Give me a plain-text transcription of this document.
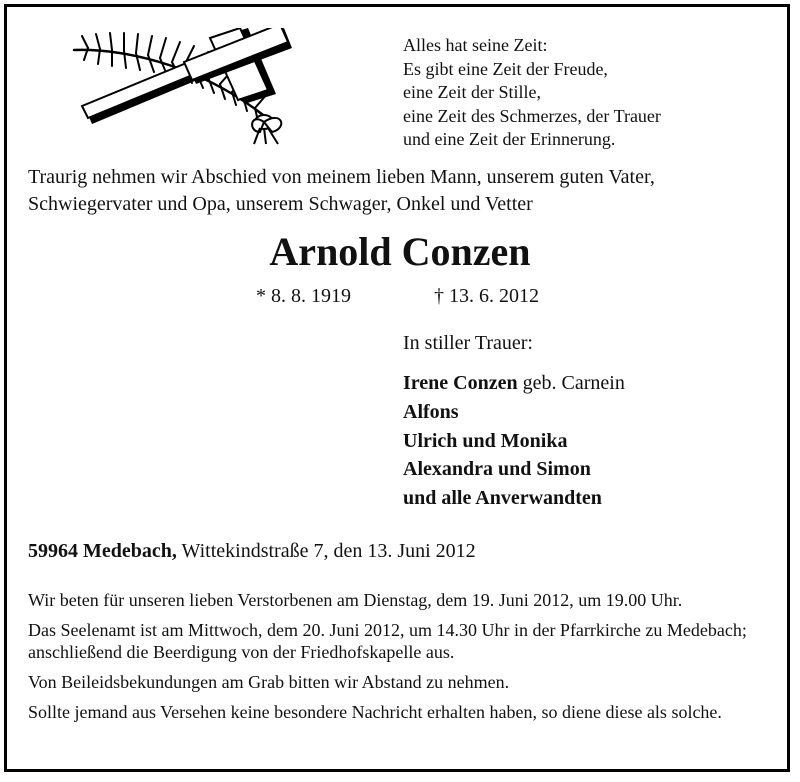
Alles hat seine Zeit:
Es gibt eine Zeit der Freude,
eine Zeit der Stille,
eine Zeit des Schmerzes, der Trauer
und eine Zeit der Erinnerung.
Traurig nehmen wir Abschied von meinem lieben Mann, unserem guten Vater,
Schwiegervater und Opa, unserem Schwager, Onkel und Vetter
Arnold Conzen
* 8. 8. 1919	† 13. 6. 2012
In stiller Trauer:
Irene Conzen geb. Carnein
Alfons
Ulrich und Monika
Alexandra und Simon
und alle Anverwandten
59964 Medebach, Wittekindstraße 7, den 13. Juni 2012

Wir beten für unseren lieben Verstorbenen am Dienstag, dem 19. Juni 2012, um 19.00 Uhr.

Das Seelenamt ist am Mittwoch, dem 20. Juni 2012, um 14.30 Uhr in der Pfarrkirche zu Medebach; anschließend die Beerdigung von der Friedhofskapelle aus.

Von Beileidsbekundungen am Grab bitten wir Abstand zu nehmen.

Sollte jemand aus Versehen keine besondere Nachricht erhalten haben, so diene diese als solche.
